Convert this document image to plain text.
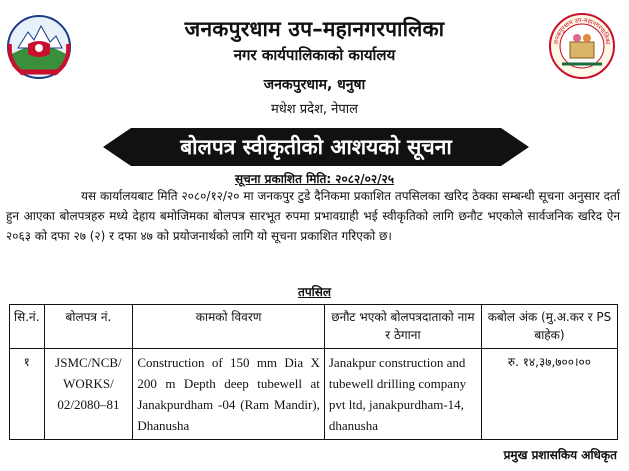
जनकपुरधाम उप–महानगरपालिका
नगर कार्यपालिकाको कार्यालय
जनकपुरधाम, धनुषा
मधेश प्रदेश, नेपाल
जनकपुरधाम उप-महानगरपालिका
बोलपत्र स्वीकृतीको आशयको सूचना
सूचना प्रकाशित मिति: २०८२/०२/२५
यस कार्यालयबाट मिति २०८०/१२/२० मा जनकपुर टुडे दैनिकमा प्रकाशित तपसिलका खरिद ठेक्का सम्बन्धी सूचना अनुसार दर्ता हुन आएका बोलपत्रहरु मध्ये देहाय बमोजिमका बोलपत्र सारभूत रुपमा प्रभावग्राही भई स्वीकृतिको लागि छनौट भएकोले सार्वजनिक खरिद ऐन २०६३ को दफा २७ (२) र दफा ४७ को प्रयोजनार्थको लागि यो सूचना प्रकाशित गरिएको छ।
तपसिल
सि.नं.	बोलपत्र नं.	कामको विवरण	छनौट भएको बोलपत्रदाताको नाम र ठेगाना	कबोल अंक (मु.अ.कर र PS बाहेक)
१	JSMC/NCB/ WORKS/ 02/2080–81	Construction of 150 mm Dia X 200 m Depth deep tubewell at Janakpurdham -04 (Ram Mandir), Dhanusha	Janakpur construction and tubewell drilling company pvt ltd, janakpurdham-14, dhanusha	रु. १४,३७,७००।००
प्रमुख प्रशासकिय अधिकृत
